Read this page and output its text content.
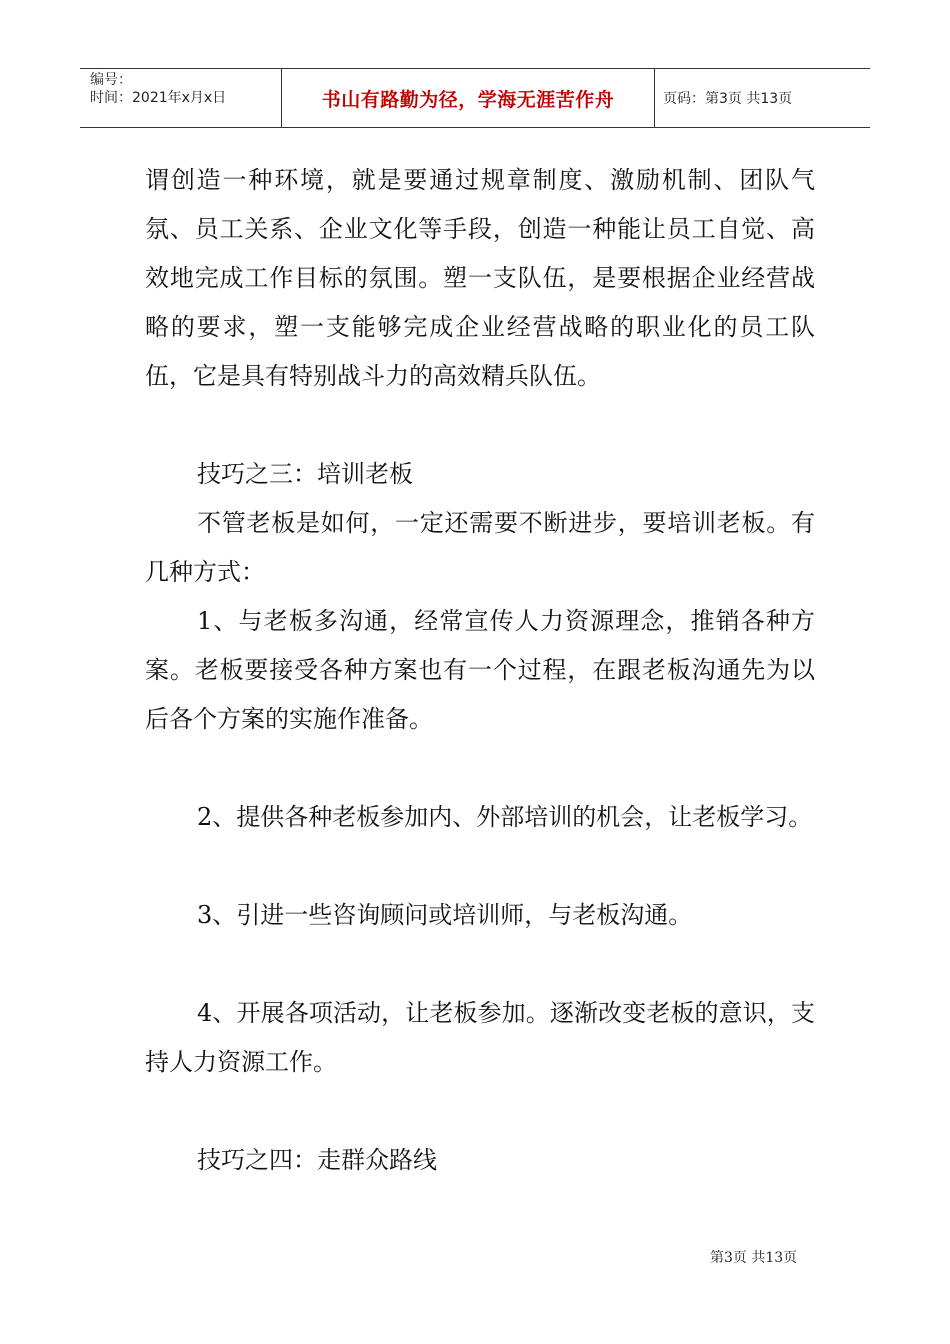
编号：
时间：2021年x月x日	书山有路勤为径，学海无涯苦作舟	页码：第3页 共13页

谓创造一种环境，就是要通过规章制度、激励机制、团队气氛、员工关系、企业文化等手段，创造一种能让员工自觉、高效地完成工作目标的氛围。塑一支队伍，是要根据企业经营战略的要求，塑一支能够完成企业经营战略的职业化的员工队伍，它是具有特别战斗力的高效精兵队伍。

技巧之三：培训老板

不管老板是如何，一定还需要不断进步，要培训老板。有几种方式：

1、与老板多沟通，经常宣传人力资源理念，推销各种方案。老板要接受各种方案也有一个过程，在跟老板沟通先为以后各个方案的实施作准备。

2、提供各种老板参加内、外部培训的机会，让老板学习。

3、引进一些咨询顾问或培训师，与老板沟通。

4、开展各项活动，让老板参加。逐渐改变老板的意识，支持人力资源工作。

技巧之四：走群众路线

第3页 共13页
